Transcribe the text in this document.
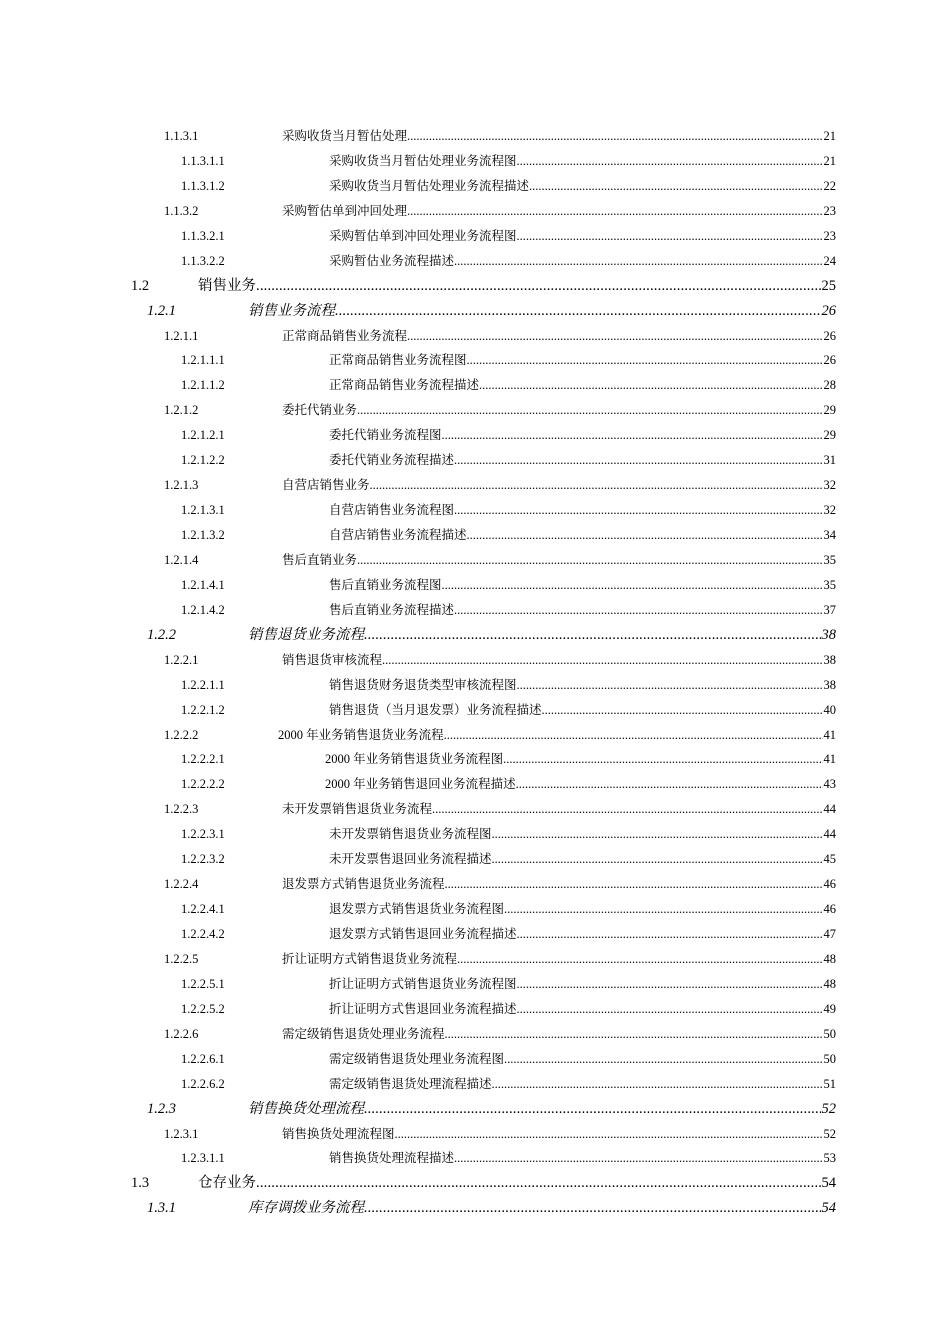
1.1.3.1	采购收货当月暂估处理 .....	21
1.1.3.1.1	采购收货当月暂估处理业务流程图 .....	21
1.1.3.1.2	采购收货当月暂估处理业务流程描述 .....	22
1.1.3.2	采购暂估单到冲回处理 .....	23
1.1.3.2.1	采购暂估单到冲回处理业务流程图 .....	23
1.1.3.2.2	采购暂估业务流程描述 .....	24
1.2	销售业务 .....	25
1.2.1	销售业务流程 .....	26
1.2.1.1	正常商品销售业务流程 .....	26
1.2.1.1.1	正常商品销售业务流程图 .....	26
1.2.1.1.2	正常商品销售业务流程描述 .....	28
1.2.1.2	委托代销业务 .....	29
1.2.1.2.1	委托代销业务流程图 .....	29
1.2.1.2.2	委托代销业务流程描述 .....	31
1.2.1.3	自营店销售业务 .....	32
1.2.1.3.1	自营店销售业务流程图 .....	32
1.2.1.3.2	自营店销售业务流程描述 .....	34
1.2.1.4	售后直销业务 .....	35
1.2.1.4.1	售后直销业务流程图 .....	35
1.2.1.4.2	售后直销业务流程描述 .....	37
1.2.2	销售退货业务流程 .....	38
1.2.2.1	销售退货审核流程 .....	38
1.2.2.1.1	销售退货财务退货类型审核流程图 .....	38
1.2.2.1.2	销售退货（当月退发票）业务流程描述 .....	40
1.2.2.2	2000 年业务销售退货业务流程 .....	41
1.2.2.2.1	2000 年业务销售退货业务流程图 .....	41
1.2.2.2.2	2000 年业务销售退回业务流程描述 .....	43
1.2.2.3	未开发票销售退货业务流程 .....	44
1.2.2.3.1	未开发票销售退货业务流程图 .....	44
1.2.2.3.2	未开发票售退回业务流程描述 .....	45
1.2.2.4	退发票方式销售退货业务流程 .....	46
1.2.2.4.1	退发票方式销售退货业务流程图 .....	46
1.2.2.4.2	退发票方式销售退回业务流程描述 .....	47
1.2.2.5	折让证明方式销售退货业务流程 .....	48
1.2.2.5.1	折让证明方式销售退货业务流程图 .....	48
1.2.2.5.2	折让证明方式售退回业务流程描述 .....	49
1.2.2.6	需定级销售退货处理业务流程 .....	50
1.2.2.6.1	需定级销售退货处理业务流程图 .....	50
1.2.2.6.2	需定级销售退货处理流程描述 .....	51
1.2.3	销售换货处理流程 .....	52
1.2.3.1	销售换货处理流程图 .....	52
1.2.3.1.1	销售换货处理流程描述 .....	53
1.3	仓存业务 .....	54
1.3.1	库存调拨业务流程 .....	54
